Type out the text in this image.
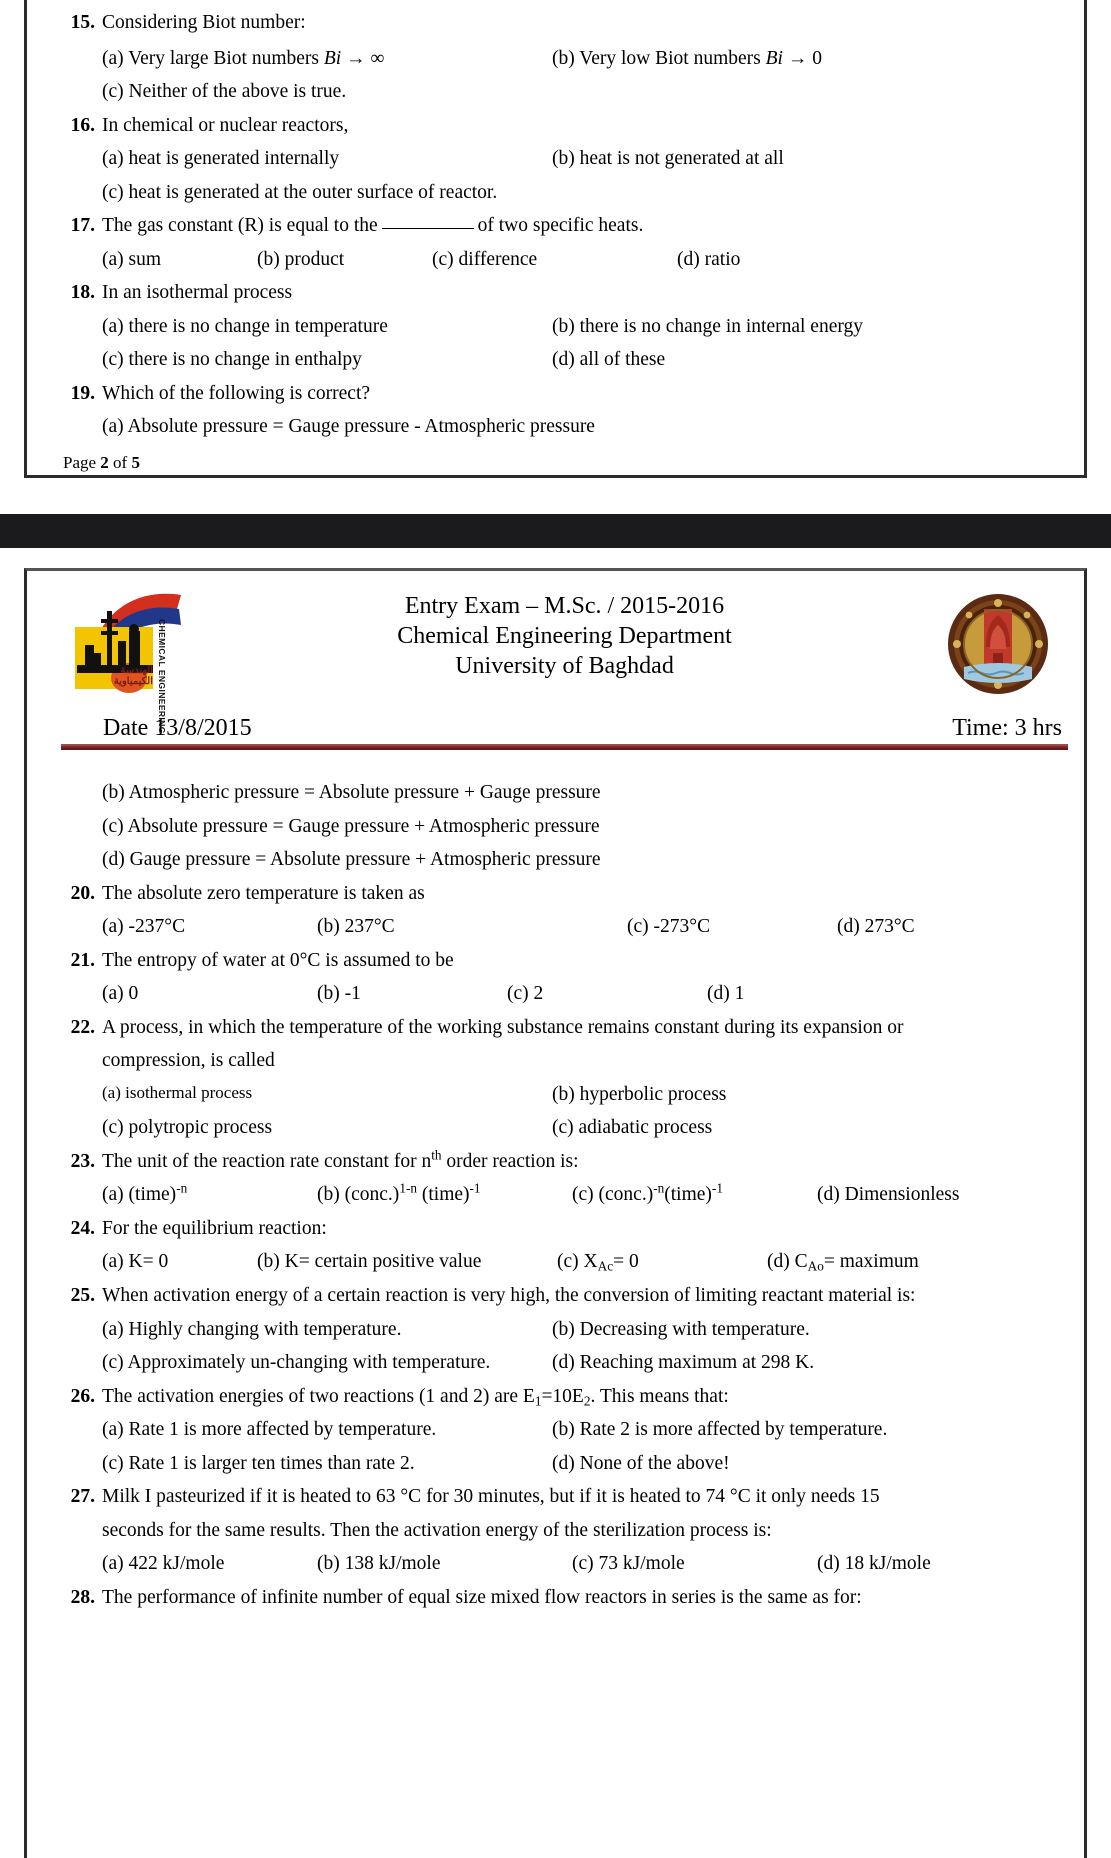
15. Considering Biot number:
(a) Very large Biot numbers Bi → ∞	(b) Very low Biot numbers Bi → 0
(c) Neither of the above is true.
16. In chemical or nuclear reactors,
(a) heat is generated internally	(b) heat is not generated at all
(c) heat is generated at the outer surface of reactor.
17. The gas constant (R) is equal to the	of two specific heats.
(a) sum	(b) product	(c) difference	(d) ratio
18. In an isothermal process
(a) there is no change in temperature	(b) there is no change in internal energy
(c) there is no change in enthalpy	(d) all of these
19. Which of the following is correct?
(a) Absolute pressure = Gauge pressure - Atmospheric pressure
Page 2 of 5
CHEMICAL ENGINEERING
الهندسة
الكيمياوية
Entry Exam – M.Sc. / 2015-2016
Chemical Engineering Department
University of Baghdad
Date 13/8/2015	Time: 3 hrs
(b) Atmospheric pressure = Absolute pressure + Gauge pressure
(c) Absolute pressure = Gauge pressure + Atmospheric pressure
(d) Gauge pressure = Absolute pressure + Atmospheric pressure
20. The absolute zero temperature is taken as
(a) -237°C	(b) 237°C	(c) -273°C	(d) 273°C
21. The entropy of water at 0°C is assumed to be
(a) 0	(b) -1	(c) 2	(d) 1
22. A process, in which the temperature of the working substance remains constant during its expansion or
compression, is called
(a) isothermal process	(b) hyperbolic process
(c) polytropic process	(c) adiabatic process
23. The unit of the reaction rate constant for $n^{th}$ order reaction is:
(a) (time)$^{-n}$	(b) (conc.)$^{1-n}$ (time)$^{-1}$	(c) (conc.)$^{-n}$(time)$^{-1}$	(d) Dimensionless
24. For the equilibrium reaction:
(a) K= 0	(b) K= certain positive value	(c) $X_{Ac}= 0$	(d) $C_{Ao}=$ maximum
25. When activation energy of a certain reaction is very high, the conversion of limiting reactant material is:
(a) Highly changing with temperature.	(b) Decreasing with temperature.
(c) Approximately un-changing with temperature.	(d) Reaching maximum at 298 K.
26. The activation energies of two reactions (1 and 2) are $E_1=10E_2$. This means that:
(a) Rate 1 is more affected by temperature.	(b) Rate 2 is more affected by temperature.
(c) Rate 1 is larger ten times than rate 2.	(d) None of the above!
27. Milk I pasteurized if it is heated to 63 °C for 30 minutes, but if it is heated to 74 °C it only needs 15
seconds for the same results. Then the activation energy of the sterilization process is:
(a) 422 kJ/mole	(b) 138 kJ/mole	(c) 73 kJ/mole	(d) 18 kJ/mole
28. The performance of infinite number of equal size mixed flow reactors in series is the same as for:
